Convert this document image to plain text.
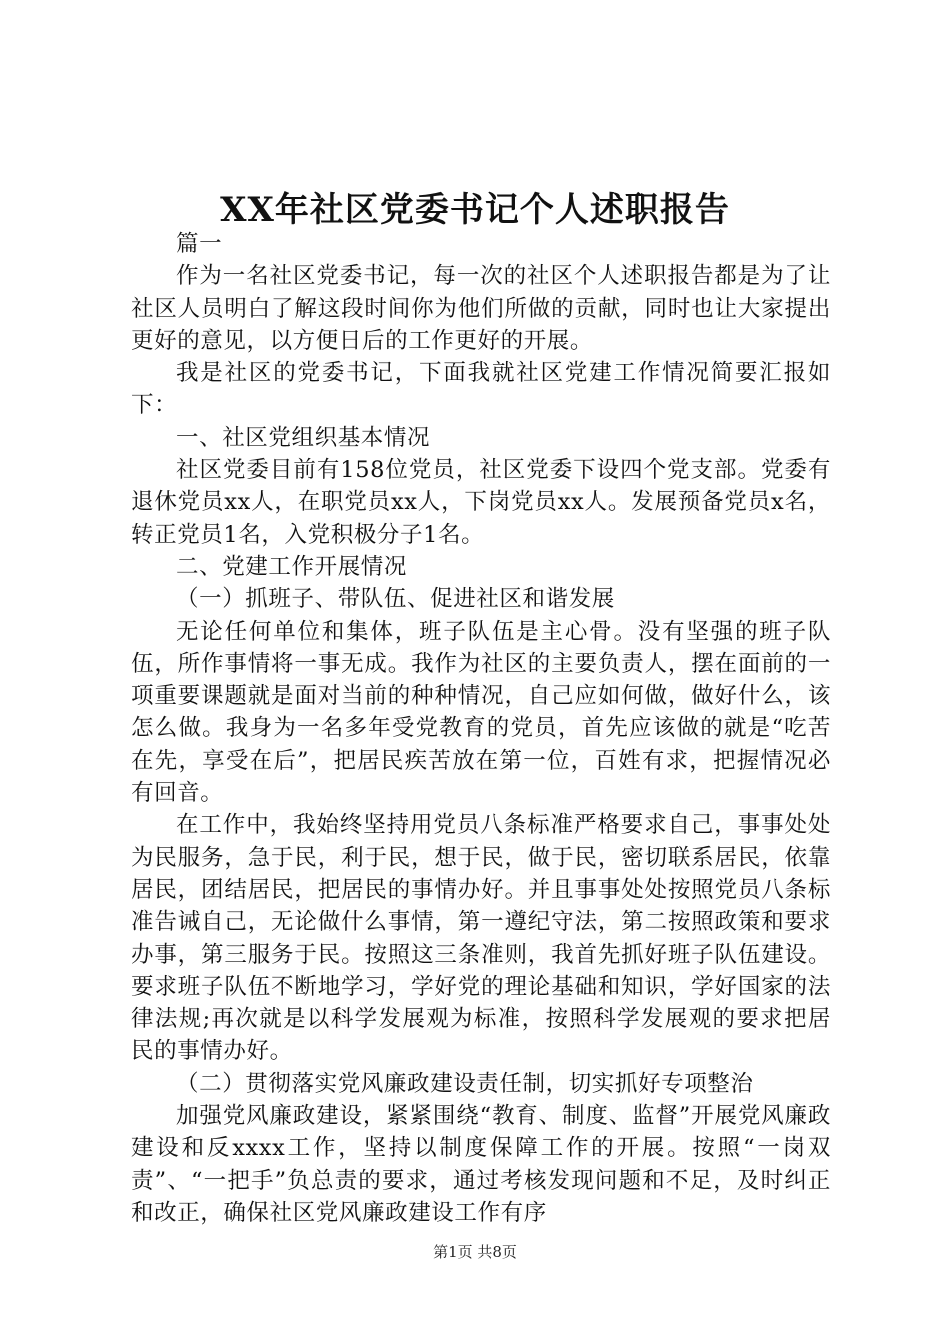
XX年社区党委书记个人述职报告

篇一

作为一名社区党委书记，每一次的社区个人述职报告都是为了让社区人员明白了解这段时间你为他们所做的贡献，同时也让大家提出更好的意见，以方便日后的工作更好的开展。

我是社区的党委书记，下面我就社区党建工作情况简要汇报如下：

一、社区党组织基本情况

社区党委目前有158位党员，社区党委下设四个党支部。党委有退休党员xx人，在职党员xx人，下岗党员xx人。发展预备党员x名，转正党员1名，入党积极分子1名。

二、党建工作开展情况

（一）抓班子、带队伍、促进社区和谐发展

无论任何单位和集体，班子队伍是主心骨。没有坚强的班子队伍，所作事情将一事无成。我作为社区的主要负责人，摆在面前的一项重要课题就是面对当前的种种情况，自己应如何做，做好什么，该怎么做。我身为一名多年受党教育的党员，首先应该做的就是“吃苦在先，享受在后”，把居民疾苦放在第一位，百姓有求，把握情况必有回音。

在工作中，我始终坚持用党员八条标准严格要求自己，事事处处为民服务，急于民，利于民，想于民，做于民，密切联系居民，依靠居民，团结居民，把居民的事情办好。并且事事处处按照党员八条标准告诫自己，无论做什么事情，第一遵纪守法，第二按照政策和要求办事，第三服务于民。按照这三条准则，我首先抓好班子队伍建设。要求班子队伍不断地学习，学好党的理论基础和知识，学好国家的法律法规;再次就是以科学发展观为标准，按照科学发展观的要求把居民的事情办好。

（二）贯彻落实党风廉政建设责任制，切实抓好专项整治

加强党风廉政建设，紧紧围绕“教育、制度、监督”开展党风廉政建设和反xxxx工作，坚持以制度保障工作的开展。按照“一岗双责”、“一把手”负总责的要求，通过考核发现问题和不足，及时纠正和改正，确保社区党风廉政建设工作有序

第1页 共8页
